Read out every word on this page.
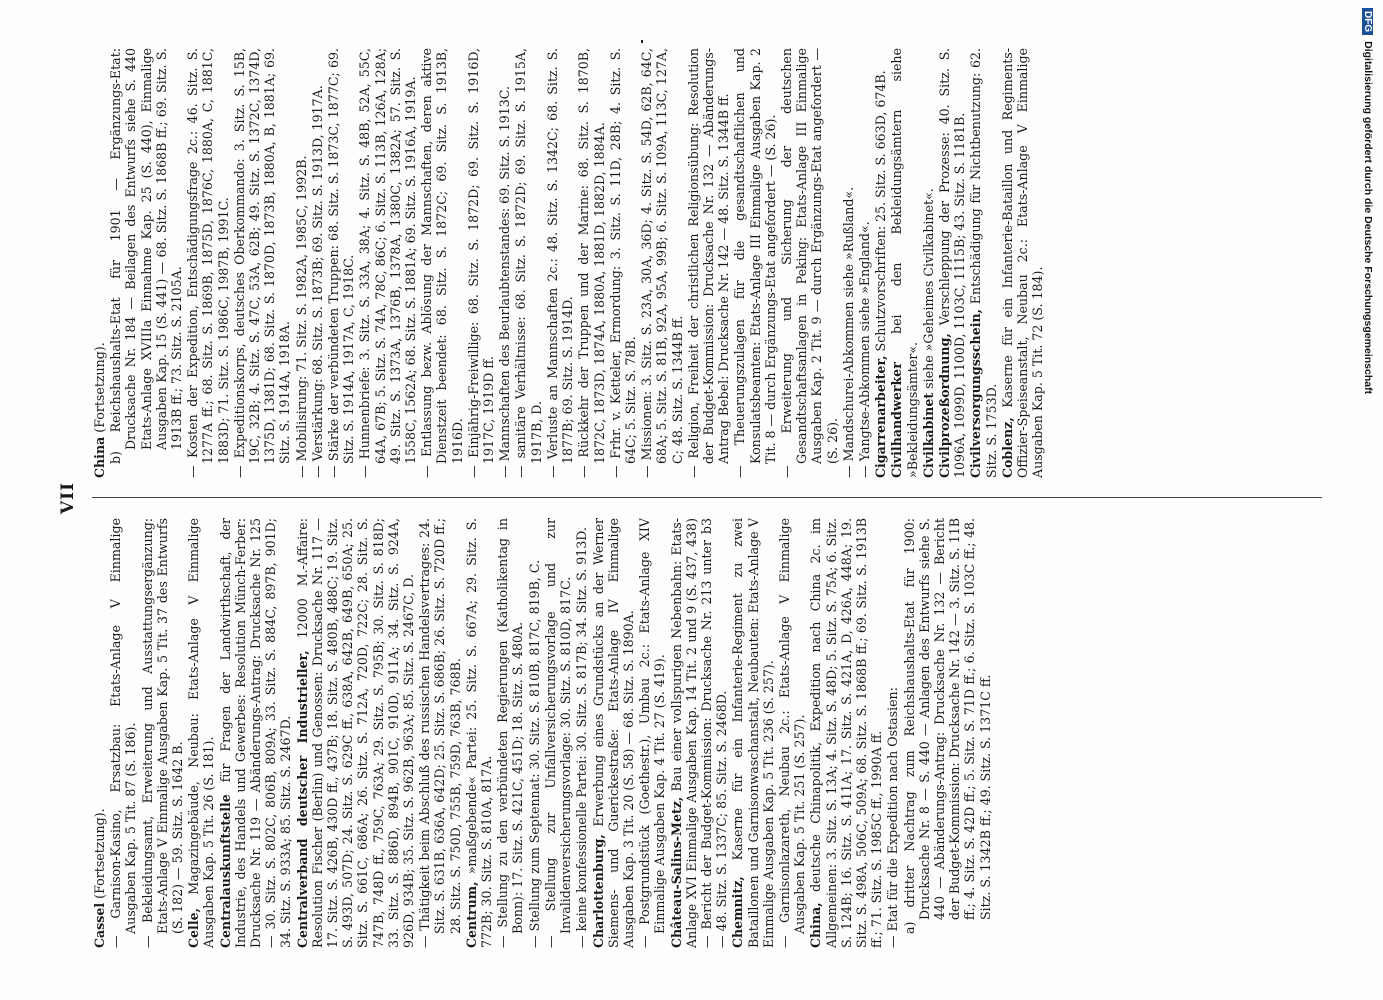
VII
Cassel (Fortsetzung). — Garnison-Kasino, Ersatzbau: Etats-Anlage V Einmalige Ausgaben Kap. 5 Tit. 87 (S. 186). — Bekleidungsamt, Erweiterung und Ausstattungsergänzung: Etats-Anlage V Einmalige Ausgaben Kap. 5 Tit. 37 des Entwurfs (S. 182) — 59. Sitz. S. 1642 B. Celle, Magazingebäude, Neubau: Etats-Anlage V Einmalige Ausgaben Kap. 5 Tit. 26 (S. 181). Centralauskunftstelle für Fragen der Landwirthschaft, der Industrie, des Handels und Gewerbes: Resolution Münch-Ferber: Drucksache Nr. 119 — Abänderungs-Antrag: Drucksache Nr. 125 — 30. Sitz. S. 802C, 806B, 809A; 33. Sitz. S. 884C, 897B, 901D; 34. Sitz. S. 933A; 85. Sitz. S. 2467D. Centralverband deutscher Industrieller, 12000 M.-Affaire: Resolution Fischer (Berlin) und Genossen: Drucksache Nr. 117 — 17. Sitz. S. 426B, 430D ff., 437B; 18. Sitz. S. 480B, 488C; 19. Sitz. S. 493D, 507D; 24. Sitz. S. 629C ff., 638A, 642B, 649B, 650A; 25. Sitz. S. 661C, 686A; 26. Sitz. S. 712A, 720D, 722C; 28. Sitz. S. 747B, 748D ff., 759C, 763A; 29. Sitz. S. 795B; 30. Sitz. S. 818D; 33. Sitz. S. 886D, 894B, 901C, 910D, 911A; 34. Sitz. S. 924A, 926D, 934B; 35. Sitz. S. 962B, 963A; 85. Sitz. S. 2467C, D. — Thätigkeit beim Abschluß des russischen Handelsvertrages: 24. Sitz. S. 631B, 636A, 642D; 25. Sitz. S. 686B; 26. Sitz. S. 720D ff.; 28. Sitz. S. 750D, 755B, 759D, 763B, 768B. Centrum, »maßgebende« Partei: 25. Sitz. S. 667A; 29. Sitz. S. 772B; 30. Sitz. S. 810A, 817A. — Stellung zu den verbündeten Regierungen (Katholikentag in Bonn): 17. Sitz. S. 421C, 451D; 18. Sitz. S. 480A. — Stellung zum Septennat: 30. Sitz. S. 810B, 817C, 819B, C. — Stellung zur Unfallversicherungsvorlage und zur Invalidenversicherungsvorlage: 30. Sitz. S. 810D, 817C. — keine konfessionelle Partei: 30. Sitz. S. 817B; 34. Sitz. S. 913D. Charlottenburg, Erwerbung eines Grundstücks an der Werner Siemens- und Guerickestraße: Etats-Anlage IV Einmalige Ausgaben Kap. 3 Tit. 20 (S. 58) — 68. Sitz. S. 1890A. — Postgrundstück (Goethestr.), Umbau 2c.: Etats-Anlage XIV Einmalige Ausgaben Kap. 4 Tit. 27 (S. 419). Château-Salins-Metz, Bau einer vollspurigen Nebenbahn: Etats-Anlage XVI Einmalige Ausgaben Kap. 14 Tit. 2 und 9 (S. 437, 438) — Bericht der Budget-Kommission: Drucksache Nr. 213 unter b3 — 48. Sitz. S. 1337C; 85. Sitz. S. 2468D. Chemnitz, Kaserne für ein Infanterie-Regiment zu zwei Bataillonen und Garnisonwaschanstalt, Neubauten: Etats-Anlage V Einmalige Ausgaben Kap. 5 Tit. 236 (S. 257). — Garnisonlazareth, Neubau 2c.: Etats-Anlage V Einmalige Ausgaben Kap. 5 Tit. 251 (S. 257). China, deutsche Chinapolitik, Expedition nach China 2c. im Allgemeinen: 3. Sitz. S. 13A; 4. Sitz. S. 48D; 5. Sitz. S. 75A; 6. Sitz. S. 124B; 16. Sitz. S. 411A; 17. Sitz. S. 421A, D, 426A, 448A; 19. Sitz. S. 498A, 506C, 509A; 68. Sitz. S. 1868B ff.; 69. Sitz. S. 1913B ff.; 71. Sitz. S. 1985C ff., 1990A ff. — Etat für die Expedition nach Ostasien: a) dritter Nachtrag zum Reichshaushalts-Etat für 1900: Drucksache Nr. 8 — S. 440 — Anlagen des Entwurfs siehe S. 440 — Abänderungs-Antrag: Drucksache Nr. 132 — Bericht der Budget-Kommission: Drucksache Nr. 142 — 3. Sitz. S. 11B ff.; 4. Sitz. S. 42D ff.; 5. Sitz. S. 71D ff.; 6. Sitz. S. 103C ff.; 48. Sitz. S. 1342B ff.; 49. Sitz. S. 1371C ff.
China (Fortsetzung). b) Reichshaushalts-Etat für 1901 — Ergänzungs-Etat: Drucksache Nr. 184 — Beilagen des Entwurfs siehe S. 440 Etats-Anlage XVIIIa Einnahme Kap. 25 (S. 440), Einmalige Ausgaben Kap. 15 (S. 441) — 68. Sitz. S. 1868B ff.; 69. Sitz. S. 1913B ff.; 73. Sitz. S. 2105A. — Kosten der Expedition, Entschädigungsfrage 2c.: 46. Sitz. S. 1277A ff.; 68. Sitz. S. 1869B, 1875D, 1876C, 1880A, C, 1881C, 1883D; 71. Sitz. S. 1986C, 1987B, 1991C. — Expeditionskorps, deutsches Oberkommando: 3. Sitz. S. 15B, 19C, 32B; 4. Sitz. S. 47C, 53A, 62B; 49. Sitz. S. 1372C, 1374D, 1375D, 1381D; 68. Sitz. S. 1870D, 1873B, 1880A, B, 1881A; 69. Sitz. S. 1914A, 1918A. — Mobilisirung: 71. Sitz. S. 1982A, 1985C, 1992B. — Verstärkung: 68. Sitz. S. 1873B; 69. Sitz. S. 1913D, 1917A. — Stärke der verbündeten Truppen: 68. Sitz. S. 1873C, 1877C; 69. Sitz. S. 1914A, 1917A, C, 1918C. — Hunnenbriefe: 3. Sitz. S. 33A, 38A; 4. Sitz. S. 48B, 52A, 55C, 64A, 67B; 5. Sitz. S. 74A, 78C, 86C; 6. Sitz. S. 113B, 126A, 128A; 49. Sitz. S. 1373A, 1376B, 1378A, 1380C, 1382A; 57. Sitz. S. 1558C, 1562A; 68. Sitz. S. 1881A; 69. Sitz. S. 1916A, 1919A. — Entlassung bezw. Ablösung der Mannschaften, deren aktive Dienstzeit beendet: 68. Sitz. S. 1872C; 69. Sitz. S. 1913B, 1916D. — Einjährig-Freiwillige: 68. Sitz. S. 1872D; 69. Sitz. S. 1916D, 1917C, 1919D ff. — Mannschaften des Beurlaubtenstandes: 69. Sitz. S. 1913C. — sanitäre Verhältnisse: 68. Sitz. S. 1872D; 69. Sitz. S. 1915A, 1917B, D. — Verluste an Mannschaften 2c.: 48. Sitz. S. 1342C; 68. Sitz. S. 1877B; 69. Sitz. S. 1914D. — Rückkehr der Truppen und der Marine: 68. Sitz. S. 1870B, 1872C, 1873D, 1874A, 1880A, 1881D, 1882D, 1884A. — Frhr. v. Ketteler, Ermordung: 3. Sitz. S. 11D, 28B; 4. Sitz. S. 64C; 5. Sitz. S. 78B. — Missionen: 3. Sitz. S. 23A, 30A, 36D; 4. Sitz. S. 54D, 62B, 64C, 68A; 5. Sitz. S. 81B, 92A, 95A, 99B; 6. Sitz. S. 109A, 113C, 127A, C; 48. Sitz. S. 1344B ff. — Religion, Freiheit der christlichen Religionsübung: Resolution der Budget-Kommission: Drucksache Nr. 132 — Abänderungs-Antrag Bebel: Drucksache Nr. 142 — 48. Sitz. S. 1344B ff. — Theuerungszulagen für die gesandtschaftlichen und Konsulatsbeamten: Etats-Anlage III Einmalige Ausgaben Kap. 2 Tit. 8 — durch Ergänzungs-Etat angefordert — (S. 26). — Erweiterung und Sicherung der deutschen Gesandtschaftsanlagen in Peking: Etats-Anlage III Einmalige Ausgaben Kap. 2 Tit. 9 — durch Ergänzungs-Etat angefordert — (S. 26). — Mandschurei-Abkommen siehe »Rußland«. — Yangtse-Abkommen siehe »England«. Cigarrenarbeiter, Schutzvorschriften: 25. Sitz. S. 663D, 674B.
Civilhandwerker bei den Bekleidungsämtern siehe »Bekleidungsämter«. Civilkabinet siehe »Geheimes Civilkabinet«.
Civilprozeßordnung, Verschleppung der Prozesse: 40. Sitz. S. 1096A, 1099D, 1100D, 1103C, 1115B; 43. Sitz. S. 1181B. Civilversorgungsschein, Entschädigung für Nichtbenutzung: 62. Sitz. S. 1753D. Coblenz, Kaserne für ein Infanterie-Bataillon und Regiments-Offizier-Speiseanstalt, Neubau 2c.: Etats-Anlage V Einmalige Ausgaben Kap. 5 Tit. 72 (S. 184).
DFGDigitalisierung gefördert durch die Deutsche Forschungsgemeinschaft
